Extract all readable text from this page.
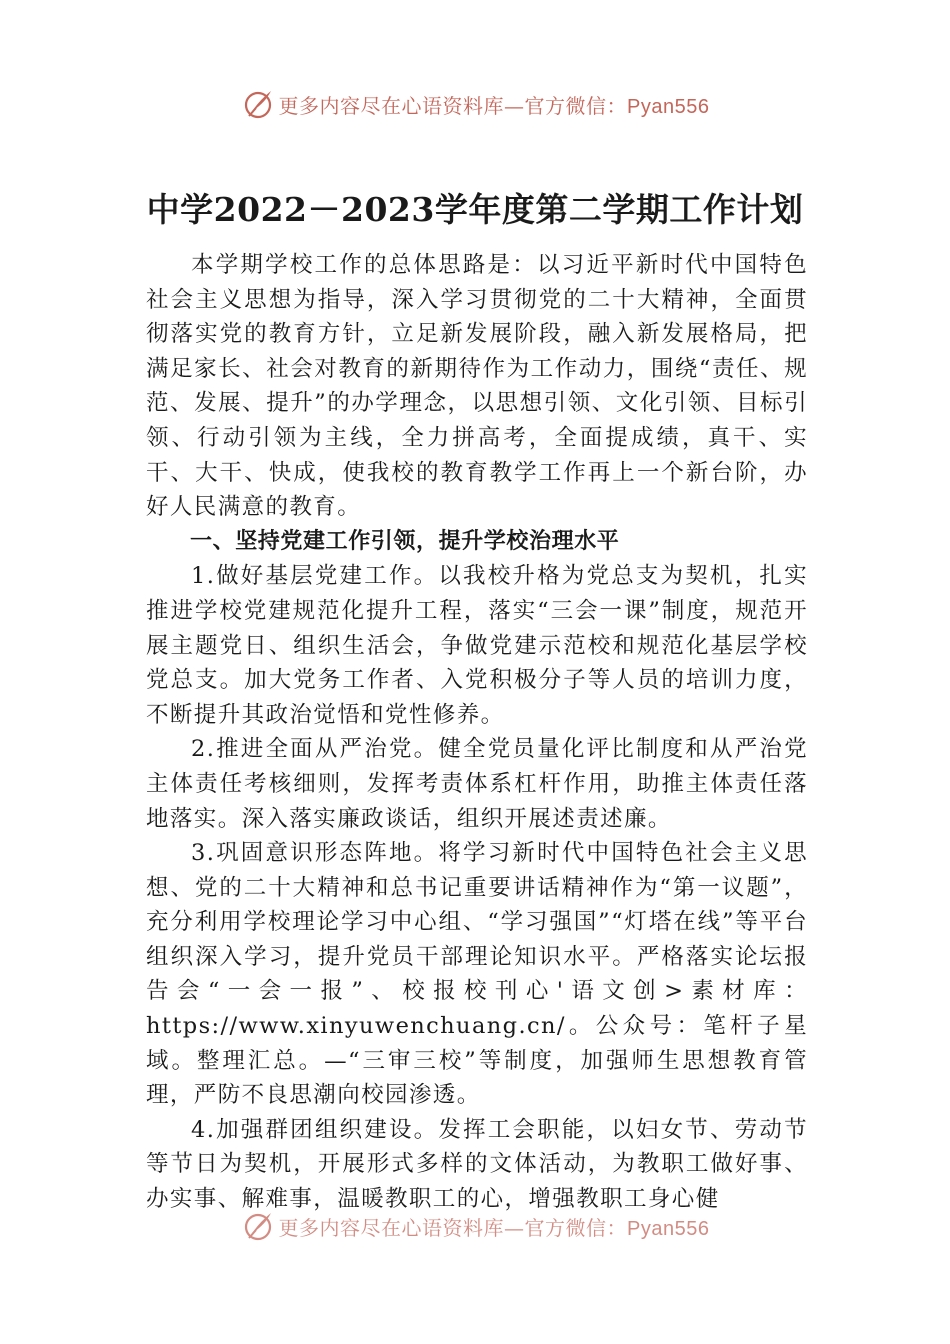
更多内容尽在心语资料库—官方微信：Pyan556
中学2022－2023学年度第二学期工作计划

本学期学校工作的总体思路是：以习近平新时代中国特色社会主义思想为指导，深入学习贯彻党的二十大精神，全面贯彻落实党的教育方针，立足新发展阶段，融入新发展格局，把满足家长、社会对教育的新期待作为工作动力，围绕“责任、规范、发展、提升”的办学理念，以思想引领、文化引领、目标引领、行动引领为主线，全力拼高考，全面提成绩，真干、实干、大干、快成，使我校的教育教学工作再上一个新台阶，办好人民满意的教育。

一、坚持党建工作引领，提升学校治理水平

1.做好基层党建工作。以我校升格为党总支为契机，扎实推进学校党建规范化提升工程，落实“三会一课”制度，规范开展主题党日、组织生活会，争做党建示范校和规范化基层学校党总支。加大党务工作者、入党积极分子等人员的培训力度，不断提升其政治觉悟和党性修养。

2.推进全面从严治党。健全党员量化评比制度和从严治党主体责任考核细则，发挥考责体系杠杆作用，助推主体责任落地落实。深入落实廉政谈话，组织开展述责述廉。

3.巩固意识形态阵地。将学习新时代中国特色社会主义思想、党的二十大精神和总书记重要讲话精神作为“第一议题”，充分利用学校理论学习中心组、“学习强国”“灯塔在线”等平台组织深入学习，提升党员干部理论知识水平。严格落实论坛报告会“一会一报”、校报校刊心'语文创>素材库：https://www.xinyuwenchuang.cn/。公众号：笔杆子星域。整理汇总。—“三审三校”等制度，加强师生思想教育管理，严防不良思潮向校园渗透。

4.加强群团组织建设。发挥工会职能，以妇女节、劳动节等节日为契机，开展形式多样的文体活动，为教职工做好事、办实事、解难事，温暖教职工的心，增强教职工身心健

更多内容尽在心语资料库—官方微信：Pyan556
